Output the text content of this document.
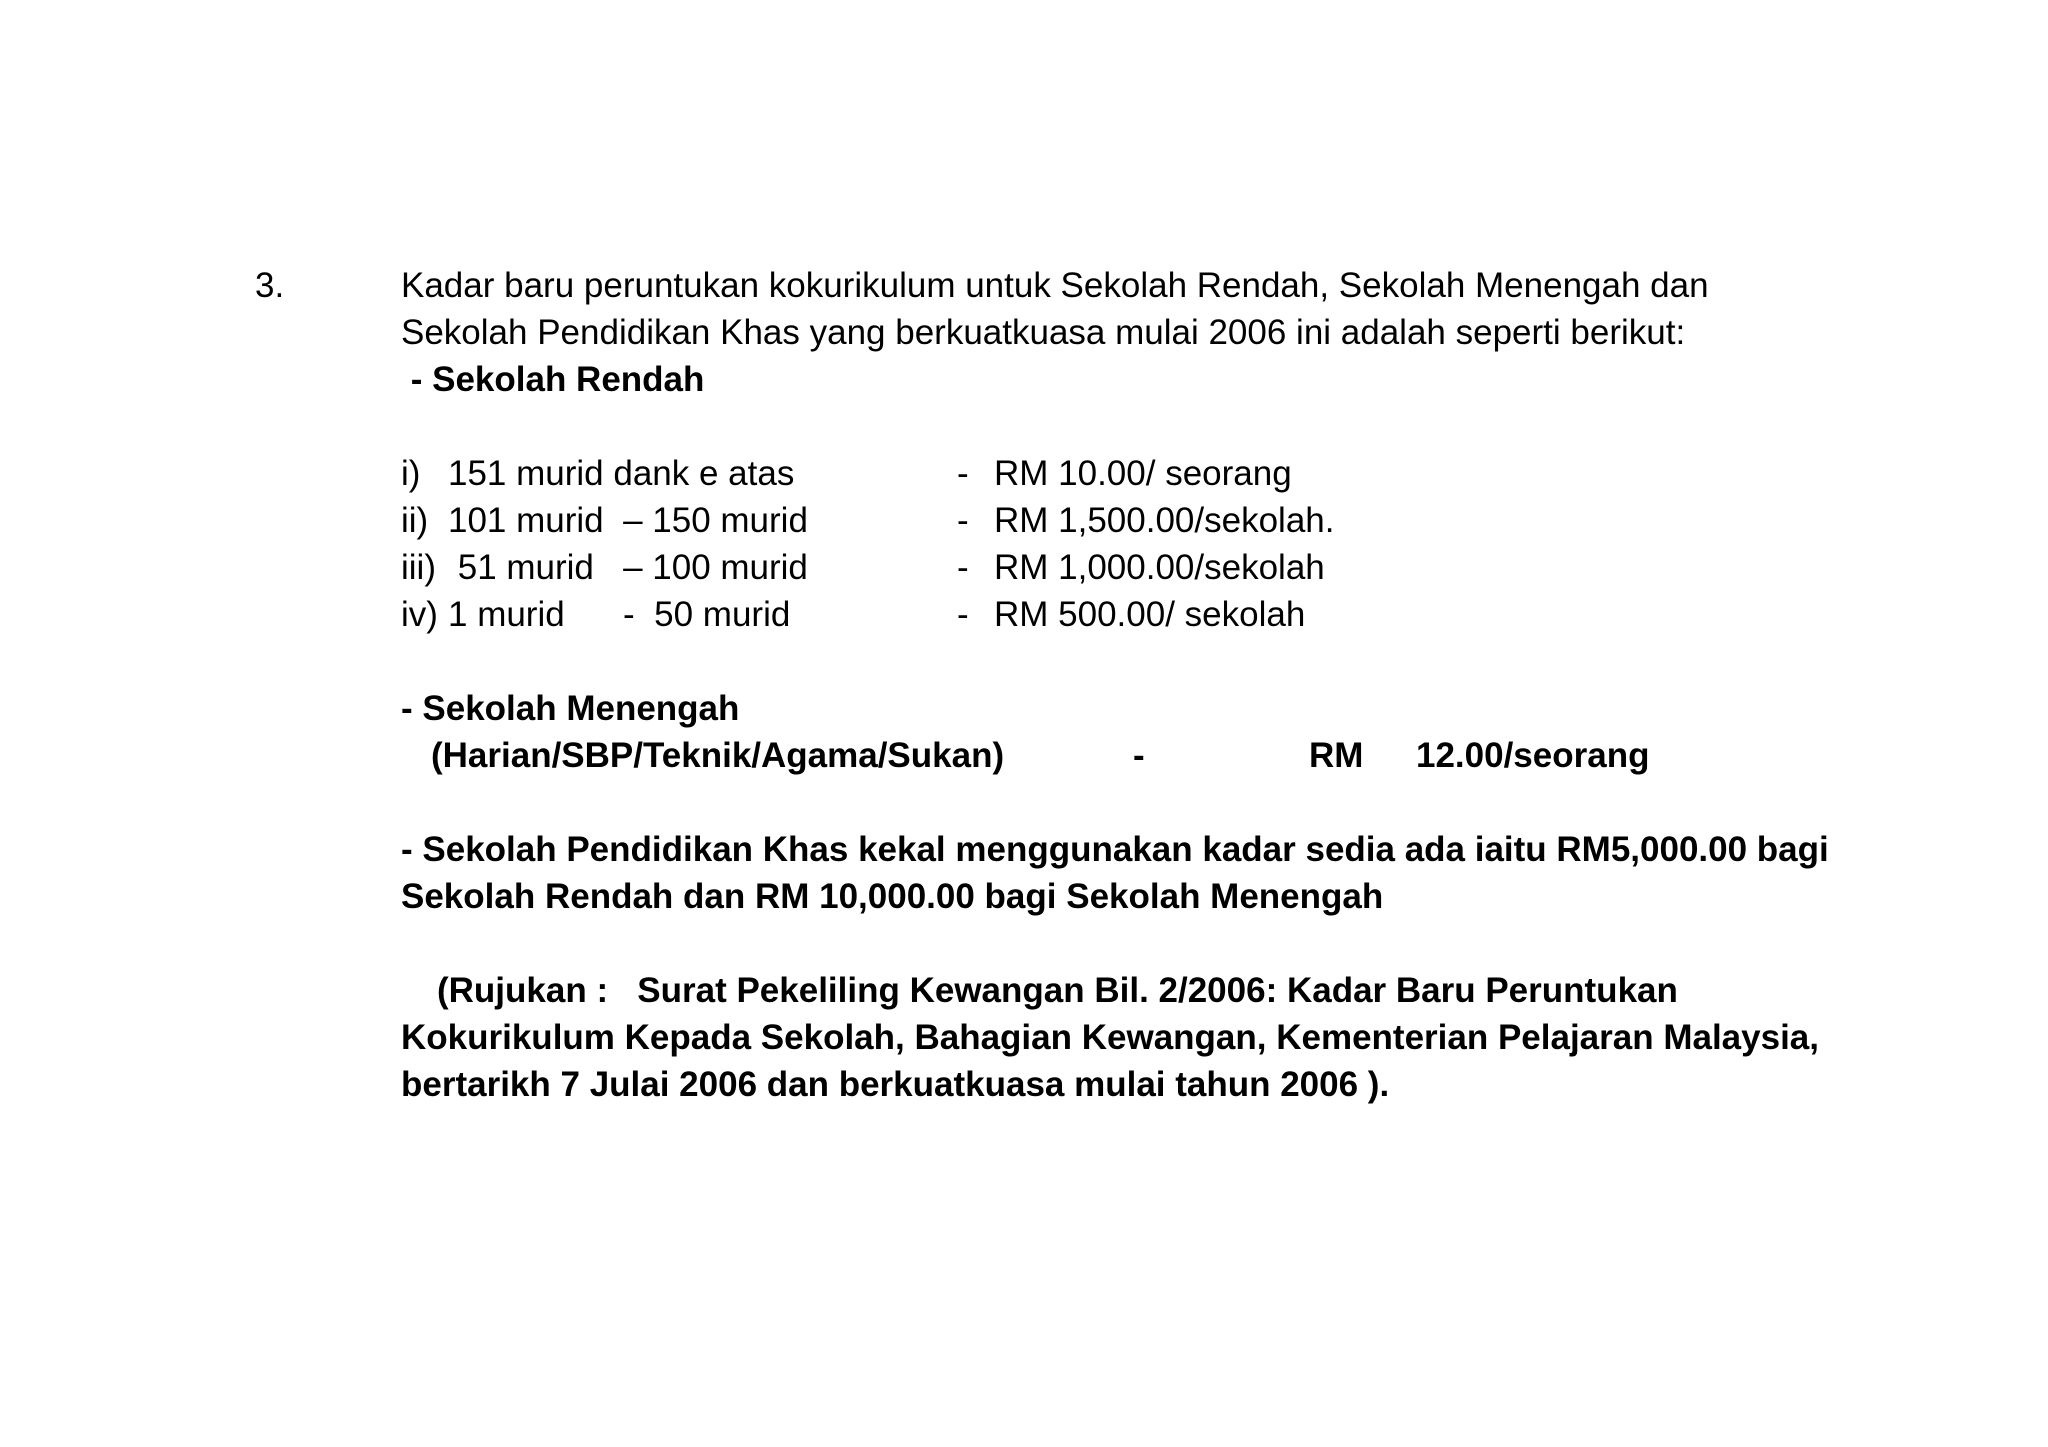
3.	Kadar baru peruntukan kokurikulum untuk Sekolah Rendah, Sekolah Menengah dan
Sekolah Pendidikan Khas yang berkuatkuasa mulai 2006 ini adalah seperti berikut:
- Sekolah Rendah
i) 151 murid dank e atas	- RM 10.00/ seorang
ii) 101 murid  – 150 murid	- RM 1,500.00/sekolah.
iii) 51 murid   – 100 murid	- RM 1,000.00/sekolah
iv) 1 murid      -  50 murid	- RM 500.00/ sekolah
- Sekolah Menengah
(Harian/SBP/Teknik/Agama/Sukan)	-	RM 12.00/seorang
- Sekolah Pendidikan Khas kekal menggunakan kadar sedia ada iaitu RM5,000.00 bagi
Sekolah Rendah dan RM 10,000.00 bagi Sekolah Menengah
(Rujukan :   Surat Pekeliling Kewangan Bil. 2/2006: Kadar Baru Peruntukan
Kokurikulum Kepada Sekolah, Bahagian Kewangan, Kementerian Pelajaran Malaysia,
bertarikh 7 Julai 2006 dan berkuatkuasa mulai tahun 2006 ).
